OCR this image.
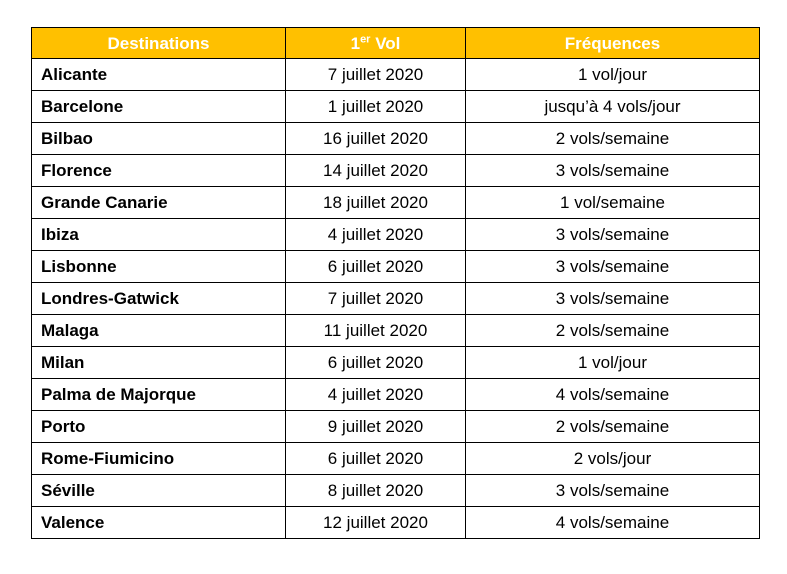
Destinations	1er Vol	Fréquences
Alicante	7 juillet 2020	1 vol/jour
Barcelone	1 juillet 2020	jusqu’à 4 vols/jour
Bilbao	16 juillet 2020	2 vols/semaine
Florence	14 juillet 2020	3 vols/semaine
Grande Canarie	18 juillet 2020	1 vol/semaine
Ibiza	4 juillet 2020	3 vols/semaine
Lisbonne	6 juillet 2020	3 vols/semaine
Londres-Gatwick	7 juillet 2020	3 vols/semaine
Malaga	11 juillet 2020	2 vols/semaine
Milan	6 juillet 2020	1 vol/jour
Palma de Majorque	4 juillet 2020	4 vols/semaine
Porto	9 juillet 2020	2 vols/semaine
Rome-Fiumicino	6 juillet 2020	2 vols/jour
Séville	8 juillet 2020	3 vols/semaine
Valence	12 juillet 2020	4 vols/semaine
